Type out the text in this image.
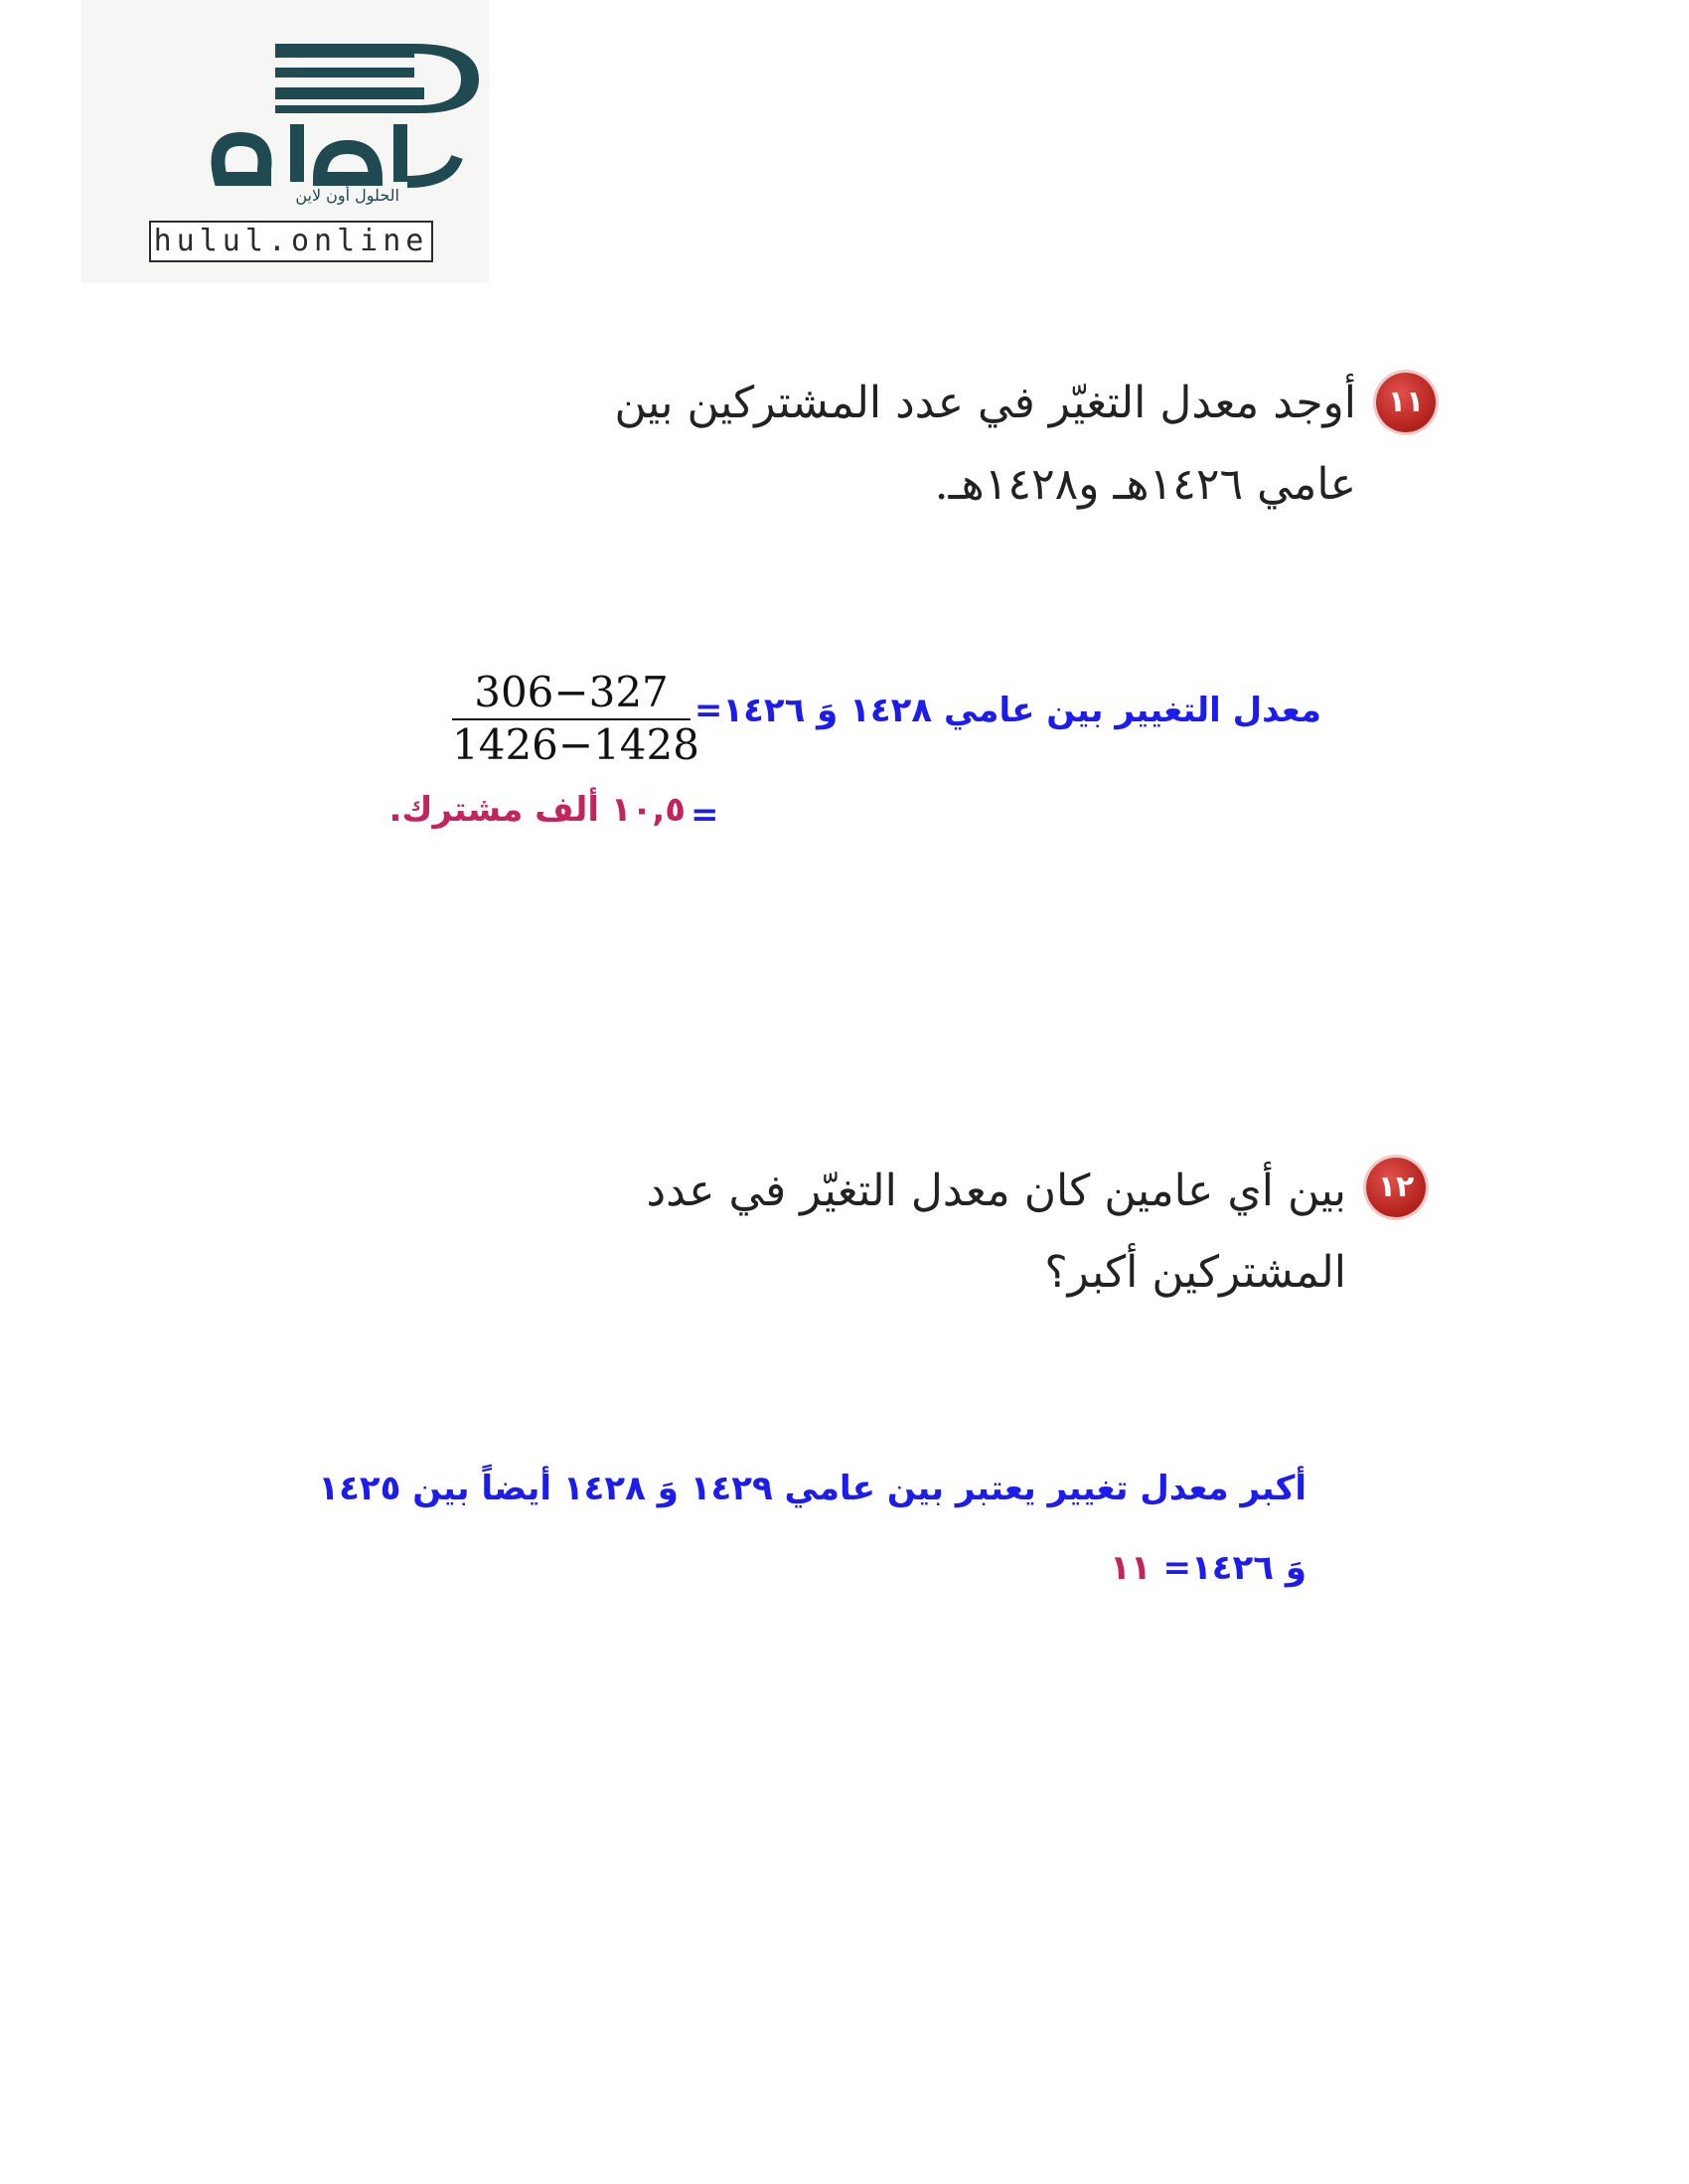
الحلول أون لاين
hulul.online
١١
أوجد معدل التغيّر في عدد المشتركين بين
عامي ١٤٢٦هـ و١٤٢٨هـ.
معدل التغيير بين عامي ١٤٢٨ وَ ١٤٢٦=
$\frac{306-327}{1426-1428}$
=
١٠,٥ ألف مشترك.
١٢
بين أي عامين كان معدل التغيّر في عدد
المشتركين أكبر؟
أكبر معدل تغيير يعتبر بين عامي ١٤٢٩ وَ ١٤٢٨ أيضاً بين ١٤٢٥
وَ ١٤٢٦= ١١
